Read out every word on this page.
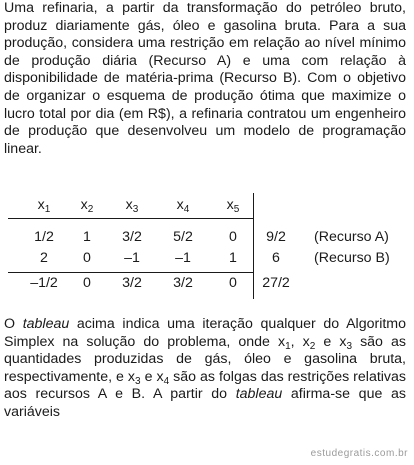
Uma refinaria, a partir da transformação do petróleo bruto, produz diariamente gás, óleo e gasolina bruta. Para a sua produção, considera uma restrição em relação ao nível mínimo de produção diária (Recurso A) e uma com relação à disponibilidade de matéria-prima (Recurso B). Com o objetivo de organizar o esquema de produção ótima que maximize o lucro total por dia (em R$), a refinaria contratou um engenheiro de produção que desenvolveu um modelo de programação linear.

$x_1$	$x_2$	$x_3$	$x_4$	$x_5$
1/2	1	3/2	5/2	0	9/2	(Recurso A)
2	0	–1	–1	1	6	(Recurso B)
–1/2	0	3/2	3/2	0	27/2

O tableau acima indica uma iteração qualquer do Algoritmo Simplex na solução do problema, onde $x_1$, $x_2$ e $x_3$ são as quantidades produzidas de gás, óleo e gasolina bruta, respectivamente, e $x_3$ e $x_4$ são as folgas das restrições relativas aos recursos A e B. A partir do tableau afirma-se que as variáveis

estudegratis.com.br
